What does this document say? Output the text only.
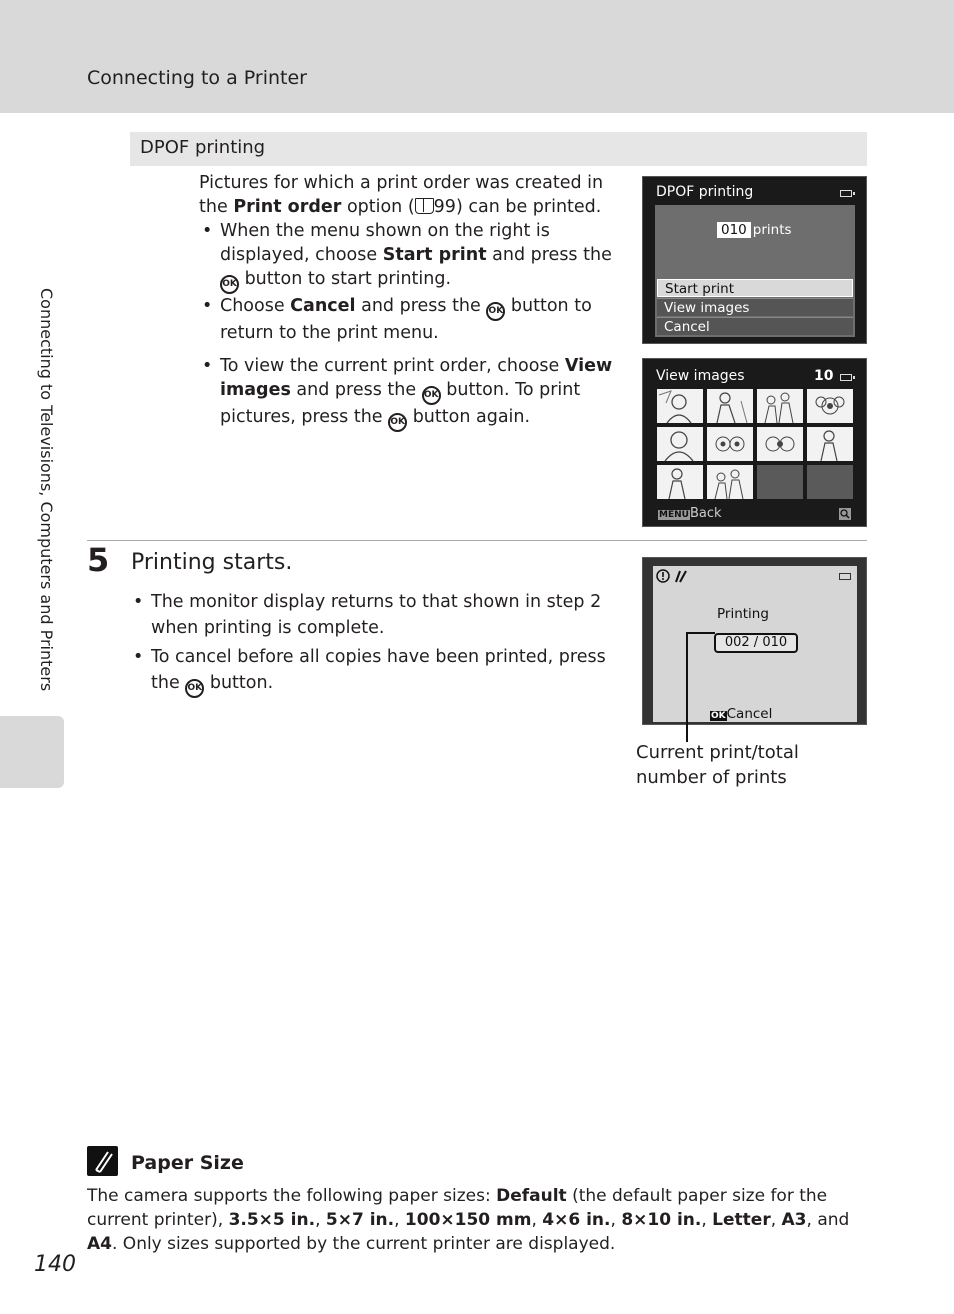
Connecting to a Printer
Connecting to Televisions, Computers and Printers
DPOF printing
Pictures for which a print order was created in the Print order option ( 99) can be printed.
• When the menu shown on the right is displayed, choose Start print and press the OK button to start printing.
• Choose Cancel and press the OK button to return to the print menu.
• To view the current print order, choose View images and press the OK button. To print pictures, press the OK button again.
DPOF printing
010 prints
Start print
View images
Cancel
View images	10
MENUBack
5 Printing starts.
• The monitor display returns to that shown in step 2 when printing is complete.
• To cancel before all copies have been printed, press the OK button.
Printing
002 / 010
OKCancel
Current print/total
number of prints
Paper Size
The camera supports the following paper sizes: Default (the default paper size for the current printer), 3.5×5 in., 5×7 in., 100×150 mm, 4×6 in., 8×10 in., Letter, A3, and A4. Only sizes supported by the current printer are displayed.
140
